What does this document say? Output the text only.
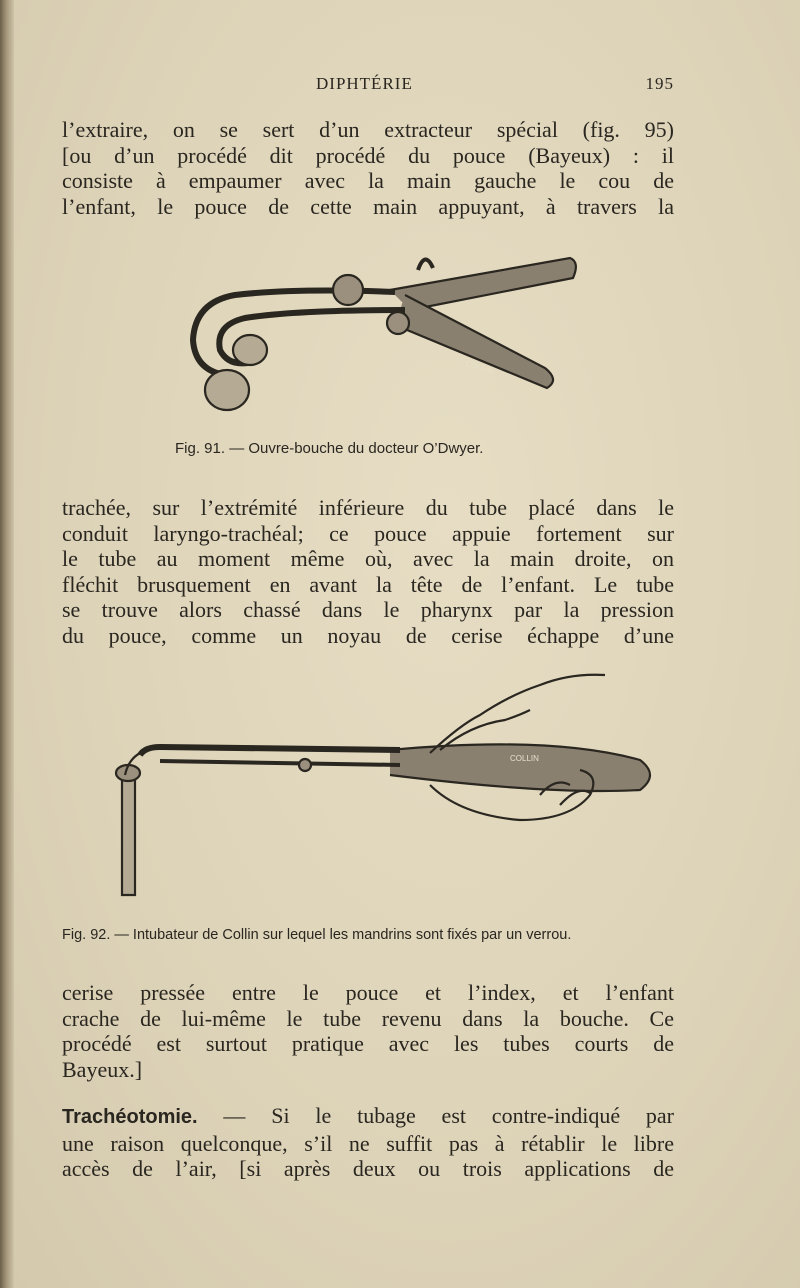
DIPHTÉRIE	195
l’extraire, on se sert d’un extracteur spécial (fig. 95)
[ou d’un procédé dit procédé du pouce (Bayeux) : il
consiste à empaumer avec la main gauche le cou de
l’enfant, le pouce de cette main appuyant, à travers la
COLLIN
Fig. 91. — Ouvre-bouche du docteur O’Dwyer.
trachée, sur l’extrémité inférieure du tube placé dans le
conduit laryngo-trachéal; ce pouce appuie fortement sur
le tube au moment même où, avec la main droite, on
fléchit brusquement en avant la tête de l’enfant. Le tube
se trouve alors chassé dans le pharynx par la pression
du pouce, comme un noyau de cerise échappe d’une
COLLIN
Fig. 92. — Intubateur de Collin sur lequel les mandrins sont fixés par un verrou.
cerise pressée entre le pouce et l’index, et l’enfant
crache de lui-même le tube revenu dans la bouche. Ce
procédé est surtout pratique avec les tubes courts de
Bayeux.]
Trachéotomie. — Si le tubage est contre-indiqué par
une raison quelconque, s’il ne suffit pas à rétablir le libre
accès de l’air, [si après deux ou trois applications de
